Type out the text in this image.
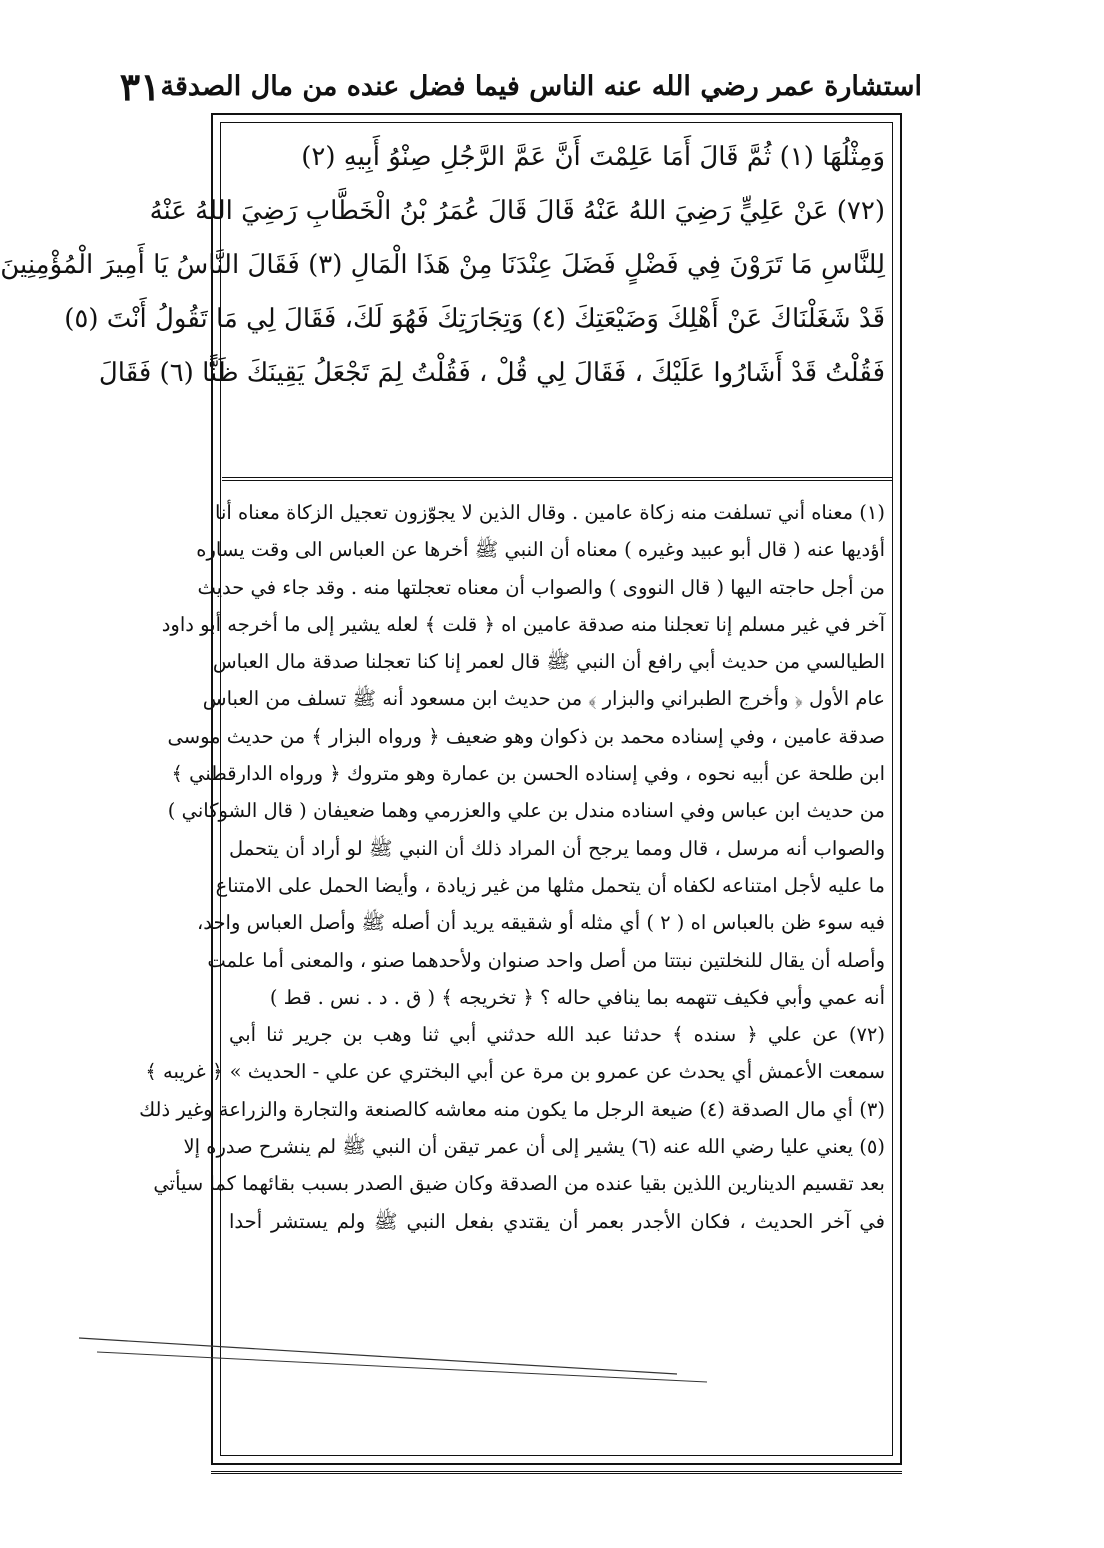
استشارة عمر رضي الله عنه الناس فيما فضل عنده من مال الصدقة
٣١
وَمِثْلُهَا (١) ثُمَّ قَالَ أَمَا عَلِمْتَ أَنَّ عَمَّ الرَّجُلِ صِنْوُ أَبِيهِ (٢)
(٧٢) عَنْ عَلِيٍّ رَضِيَ اللهُ عَنْهُ قَالَ قَالَ عُمَرُ بْنُ الْخَطَّابِ رَضِيَ اللهُ عَنْهُ
لِلنَّاسِ مَا تَرَوْنَ فِي فَضْلٍ فَضَلَ عِنْدَنَا مِنْ هَذَا الْمَالِ (٣) فَقَالَ النَّاسُ يَا أَمِيرَ الْمُؤْمِنِينَ
قَدْ شَغَلْنَاكَ عَنْ أَهْلِكَ وَضَيْعَتِكَ (٤) وَتِجَارَتِكَ فَهُوَ لَكَ، فَقَالَ لِي مَا تَقُولُ أَنْتَ (٥)
فَقُلْتُ قَدْ أَشَارُوا عَلَيْكَ ، فَقَالَ لِي قُلْ ، فَقُلْتُ لِمَ تَجْعَلُ يَقِينَكَ ظَنًّا (٦) فَقَالَ
(١) معناه أني تسلفت منه زكاة عامين . وقال الذين لا يجوّزون تعجيل الزكاة معناه أنا
أؤديها عنه ( قال أبو عبيد وغيره ) معناه أن النبي ﷺ أخرها عن العباس الى وقت يساره
من أجل حاجته اليها ( قال النووى ) والصواب أن معناه تعجلتها منه . وقد جاء في حديث
آخر في غير مسلم إنا تعجلنا منه صدقة عامين اه ﴿ قلت ﴾ لعله يشير إلى ما أخرجه أبو داود
الطيالسي من حديث أبي رافع أن النبي ﷺ قال لعمر إنا كنا تعجلنا صدقة مال العباس
عام الأول ﴿ وأخرج الطبراني والبزار ﴾ من حديث ابن مسعود أنه ﷺ تسلف من العباس
صدقة عامين ، وفي إسناده محمد بن ذكوان وهو ضعيف ﴿ ورواه البزار ﴾ من حديث موسى
ابن طلحة عن أبيه نحوه ، وفي إسناده الحسن بن عمارة وهو متروك ﴿ ورواه الدارقطني ﴾
من حديث ابن عباس وفي اسناده مندل بن علي والعزرمي وهما ضعيفان ( قال الشوكاني )
والصواب أنه مرسل ، قال ومما يرجح أن المراد ذلك أن النبي ﷺ لو أراد أن يتحمل
ما عليه لأجل امتناعه لكفاه أن يتحمل مثلها من غير زيادة ، وأيضا الحمل على الامتناع
فيه سوء ظن بالعباس اه ( ٢ ) أي مثله أو شقيقه يريد أن أصله ﷺ وأصل العباس واحد،
وأصله أن يقال للنخلتين نبتتا من أصل واحد صنوان ولأحدهما صنو ، والمعنى أما علمت
أنه عمي وأبي فكيف تتهمه بما ينافي حاله ؟ ﴿ تخريجه ﴾ ( ق . د . نس . قط )
(٧٢) عن علي ﴿ سنده ﴾ حدثنا عبد الله حدثني أبي ثنا وهب بن جرير ثنا أبي
سمعت الأعمش أي يحدث عن عمرو بن مرة عن أبي البختري عن علي - الحديث » ﴿ غريبه ﴾
(٣) أي مال الصدقة (٤) ضيعة الرجل ما يكون منه معاشه كالصنعة والتجارة والزراعة وغير ذلك
(٥) يعني عليا رضي الله عنه (٦) يشير إلى أن عمر تيقن أن النبي ﷺ لم ينشرح صدره إلا
بعد تقسيم الدينارين اللذين بقيا عنده من الصدقة وكان ضيق الصدر بسبب بقائهما كما سيأتي
في آخر الحديث ، فكان الأجدر بعمر أن يقتدي بفعل النبي ﷺ ولم يستشر أحدا
